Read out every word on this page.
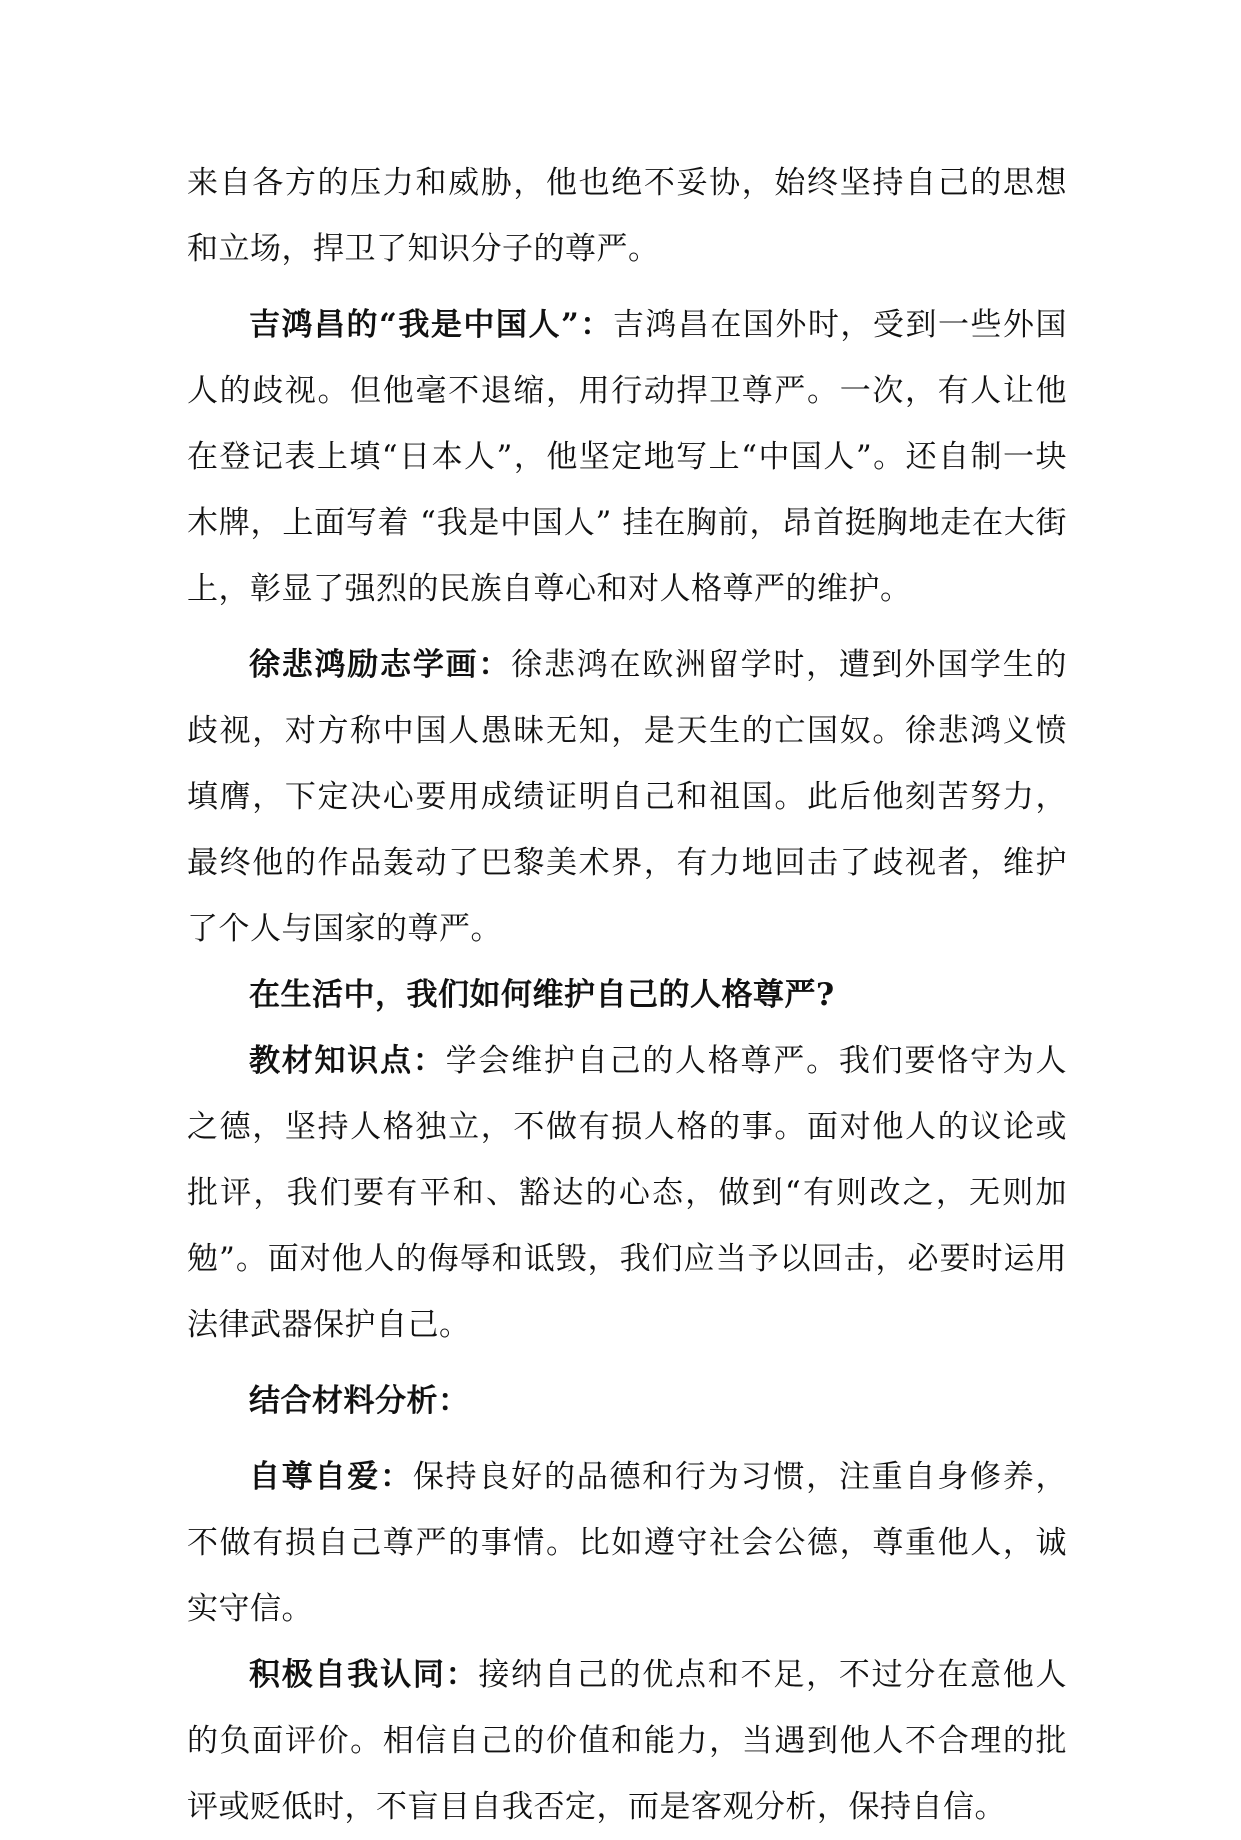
来自各方的压力和威胁，他也绝不妥协，始终坚持自己的思想和立场，捍卫了知识分子的尊严。

吉鸿昌的“我是中国人”：吉鸿昌在国外时，受到一些外国人的歧视。但他毫不退缩，用行动捍卫尊严。一次，有人让他在登记表上填“日本人”，他坚定地写上“中国人”。还自制一块木牌，上面写着 “我是中国人” 挂在胸前，昂首挺胸地走在大街上，彰显了强烈的民族自尊心和对人格尊严的维护。

徐悲鸿励志学画：徐悲鸿在欧洲留学时，遭到外国学生的歧视，对方称中国人愚昧无知，是天生的亡国奴。徐悲鸿义愤填膺，下定决心要用成绩证明自己和祖国。此后他刻苦努力，最终他的作品轰动了巴黎美术界，有力地回击了歧视者，维护了个人与国家的尊严。

在生活中，我们如何维护自己的人格尊严?

教材知识点：学会维护自己的人格尊严。我们要恪守为人之德，坚持人格独立，不做有损人格的事。面对他人的议论或批评，我们要有平和、豁达的心态，做到“有则改之，无则加勉”。面对他人的侮辱和诋毁，我们应当予以回击，必要时运用法律武器保护自己。

结合材料分析：

自尊自爱：保持良好的品德和行为习惯，注重自身修养，不做有损自己尊严的事情。比如遵守社会公德，尊重他人，诚实守信。

积极自我认同：接纳自己的优点和不足，不过分在意他人的负面评价。相信自己的价值和能力，当遇到他人不合理的批评或贬低时，不盲目自我否定，而是客观分析，保持自信。
